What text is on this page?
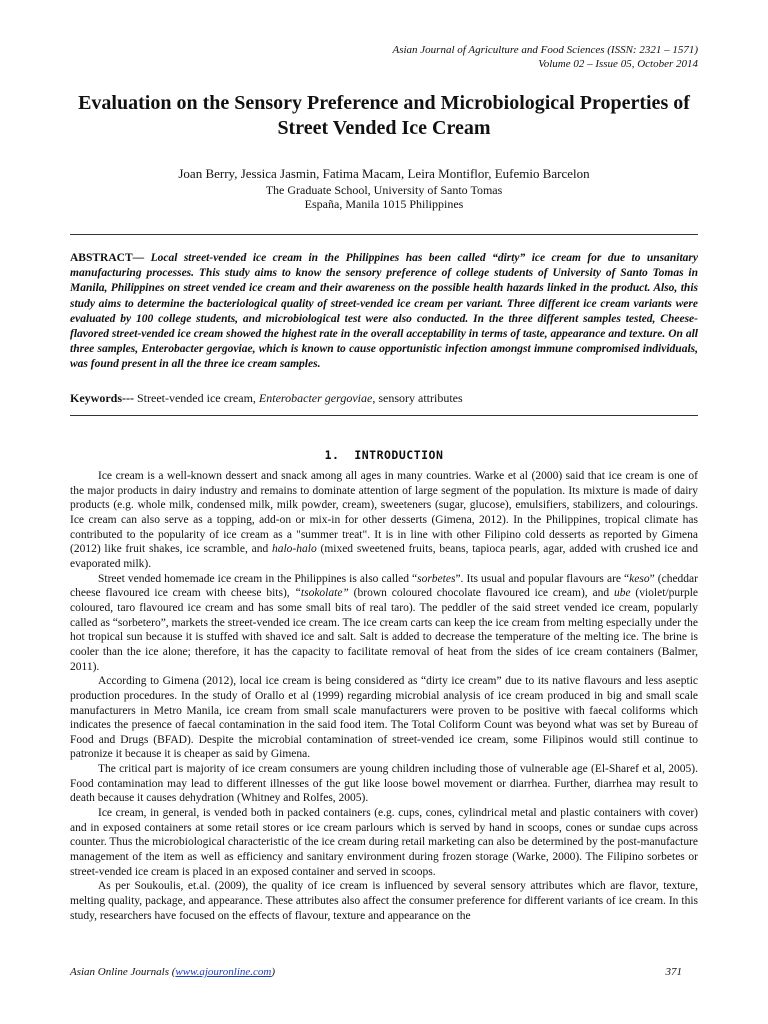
Asian Journal of Agriculture and Food Sciences (ISSN: 2321 – 1571)
Volume 02 – Issue 05, October 2014
Evaluation on the Sensory Preference and Microbiological Properties of Street Vended Ice Cream
Joan Berry, Jessica Jasmin, Fatima Macam, Leira Montiflor, Eufemio Barcelon
The Graduate School, University of Santo Tomas
España, Manila 1015 Philippines
ABSTRACT— Local street-vended ice cream in the Philippines has been called “dirty” ice cream for due to unsanitary manufacturing processes. This study aims to know the sensory preference of college students of University of Santo Tomas in Manila, Philippines on street vended ice cream and their awareness on the possible health hazards linked in the product. Also, this study aims to determine the bacteriological quality of street-vended ice cream per variant. Three different ice cream variants were evaluated by 100 college students, and microbiological test were also conducted. In the three different samples tested, Cheese-flavored street-vended ice cream showed the highest rate in the overall acceptability in terms of taste, appearance and texture. On all three samples, Enterobacter gergoviae, which is known to cause opportunistic infection amongst immune compromised individuals, was found present in all the three ice cream samples.
Keywords--- Street-vended ice cream, Enterobacter gergoviae, sensory attributes
1. INTRODUCTION

Ice cream is a well-known dessert and snack among all ages in many countries. Warke et al (2000) said that ice cream is one of the major products in dairy industry and remains to dominate attention of large segment of the population. Its mixture is made of dairy products (e.g. whole milk, condensed milk, milk powder, cream), sweeteners (sugar, glucose), emulsifiers, stabilizers, and colourings. Ice cream can also serve as a topping, add-on or mix-in for other desserts (Gimena, 2012). In the Philippines, tropical climate has contributed to the popularity of ice cream as a "summer treat". It is in line with other Filipino cold desserts as reported by Gimena (2012) like fruit shakes, ice scramble, and halo-halo (mixed sweetened fruits, beans, tapioca pearls, agar, added with crushed ice and evaporated milk).

Street vended homemade ice cream in the Philippines is also called “sorbetes”. Its usual and popular flavours are “keso” (cheddar cheese flavoured ice cream with cheese bits), “tsokolate” (brown coloured chocolate flavoured ice cream), and ube (violet/purple coloured, taro flavoured ice cream and has some small bits of real taro). The peddler of the said street vended ice cream, popularly called as “sorbetero”, markets the street-vended ice cream. The ice cream carts can keep the ice cream from melting especially under the hot tropical sun because it is stuffed with shaved ice and salt. Salt is added to decrease the temperature of the melting ice. The brine is cooler than the ice alone; therefore, it has the capacity to facilitate removal of heat from the sides of ice cream containers (Balmer, 2011).

According to Gimena (2012), local ice cream is being considered as “dirty ice cream” due to its native flavours and less aseptic production procedures. In the study of Orallo et al (1999) regarding microbial analysis of ice cream produced in big and small scale manufacturers in Metro Manila, ice cream from small scale manufacturers were proven to be positive with faecal coliforms which indicates the presence of faecal contamination in the said food item. The Total Coliform Count was beyond what was set by Bureau of Food and Drugs (BFAD). Despite the microbial contamination of street-vended ice cream, some Filipinos would still continue to patronize it because it is cheaper as said by Gimena.

The critical part is majority of ice cream consumers are young children including those of vulnerable age (El-Sharef et al, 2005). Food contamination may lead to different illnesses of the gut like loose bowel movement or diarrhea. Further, diarrhea may result to death because it causes dehydration (Whitney and Rolfes, 2005).

Ice cream, in general, is vended both in packed containers (e.g. cups, cones, cylindrical metal and plastic containers with cover) and in exposed containers at some retail stores or ice cream parlours which is served by hand in scoops, cones or sundae cups across counter. Thus the microbiological characteristic of the ice cream during retail marketing can also be determined by the post-manufacture management of the item as well as efficiency and sanitary environment during frozen storage (Warke, 2000). The Filipino sorbetes or street-vended ice cream is placed in an exposed container and served in scoops.

As per Soukoulis, et.al. (2009), the quality of ice cream is influenced by several sensory attributes which are flavor, texture, melting quality, package, and appearance. These attributes also affect the consumer preference for different variants of ice cream. In this study, researchers have focused on the effects of flavour, texture and appearance on the

Asian Online Journals (www.ajouronline.com)	371
